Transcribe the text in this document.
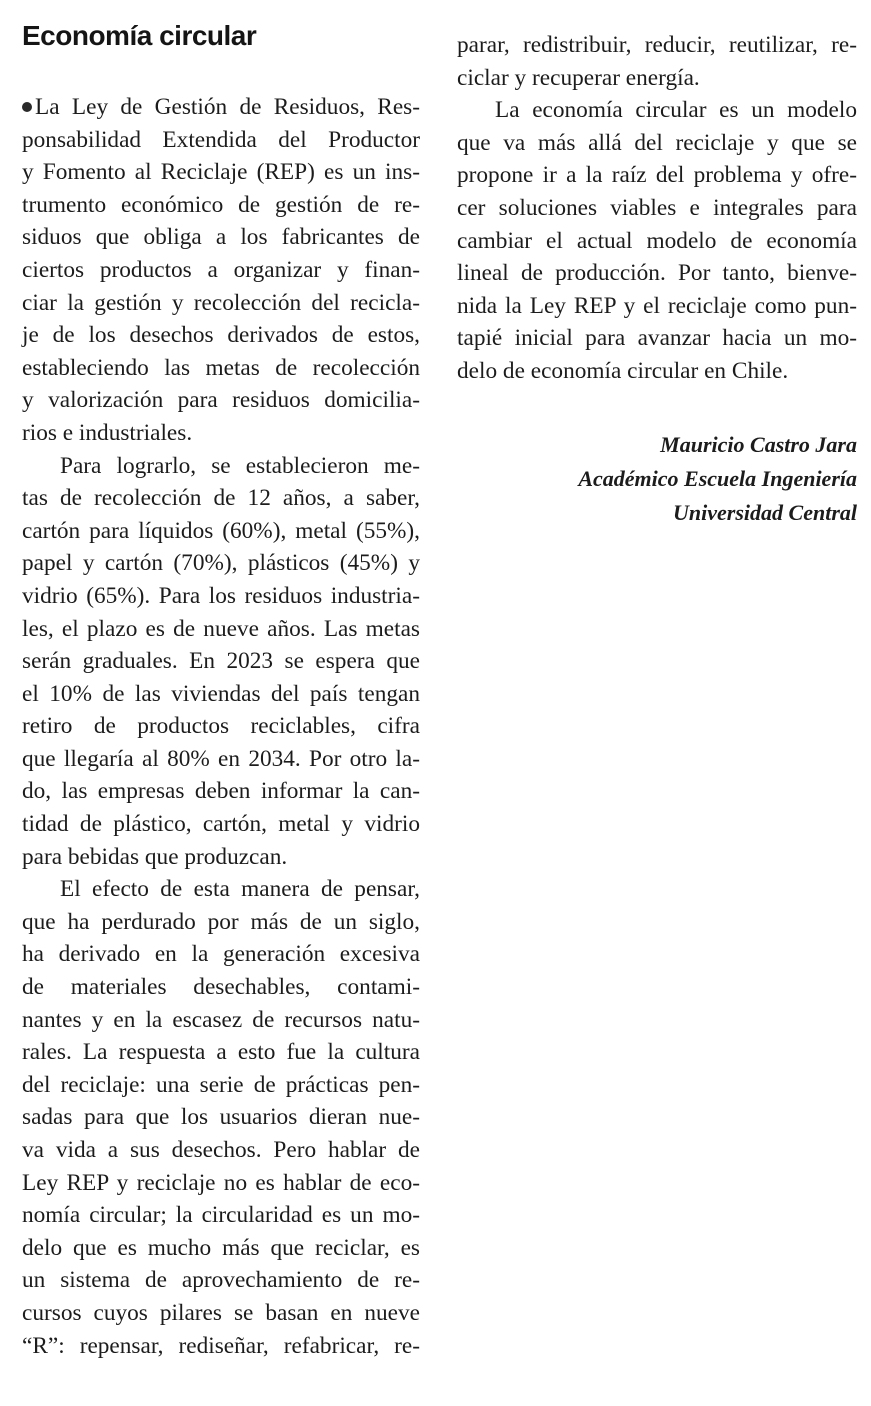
Economía circular
La Ley de Gestión de Residuos, Res-
ponsabilidad Extendida del Productor
y Fomento al Reciclaje (REP) es un ins-
trumento económico de gestión de re-
siduos que obliga a los fabricantes de
ciertos productos a organizar y finan-
ciar la gestión y recolección del recicla-
je de los desechos derivados de estos,
estableciendo las metas de recolección
y valorización para residuos domicilia-
rios e industriales.
Para lograrlo, se establecieron me-
tas de recolección de 12 años, a saber,
cartón para líquidos (60%), metal (55%),
papel y cartón (70%), plásticos (45%) y
vidrio (65%). Para los residuos industria-
les, el plazo es de nueve años. Las metas
serán graduales. En 2023 se espera que
el 10% de las viviendas del país tengan
retiro de productos reciclables, cifra
que llegaría al 80% en 2034. Por otro la-
do, las empresas deben informar la can-
tidad de plástico, cartón, metal y vidrio
para bebidas que produzcan.
El efecto de esta manera de pensar,
que ha perdurado por más de un siglo,
ha derivado en la generación excesiva
de materiales desechables, contami-
nantes y en la escasez de recursos natu-
rales. La respuesta a esto fue la cultura
del reciclaje: una serie de prácticas pen-
sadas para que los usuarios dieran nue-
va vida a sus desechos. Pero hablar de
Ley REP y reciclaje no es hablar de eco-
nomía circular; la circularidad es un mo-
delo que es mucho más que reciclar, es
un sistema de aprovechamiento de re-
cursos cuyos pilares se basan en nueve
“R”: repensar, rediseñar, refabricar, re-
parar, redistribuir, reducir, reutilizar, re-
ciclar y recuperar energía.
La economía circular es un modelo
que va más allá del reciclaje y que se
propone ir a la raíz del problema y ofre-
cer soluciones viables e integrales para
cambiar el actual modelo de economía
lineal de producción. Por tanto, bienve-
nida la Ley REP y el reciclaje como pun-
tapié inicial para avanzar hacia un mo-
delo de economía circular en Chile.
Mauricio Castro Jara
Académico Escuela Ingeniería
Universidad Central
